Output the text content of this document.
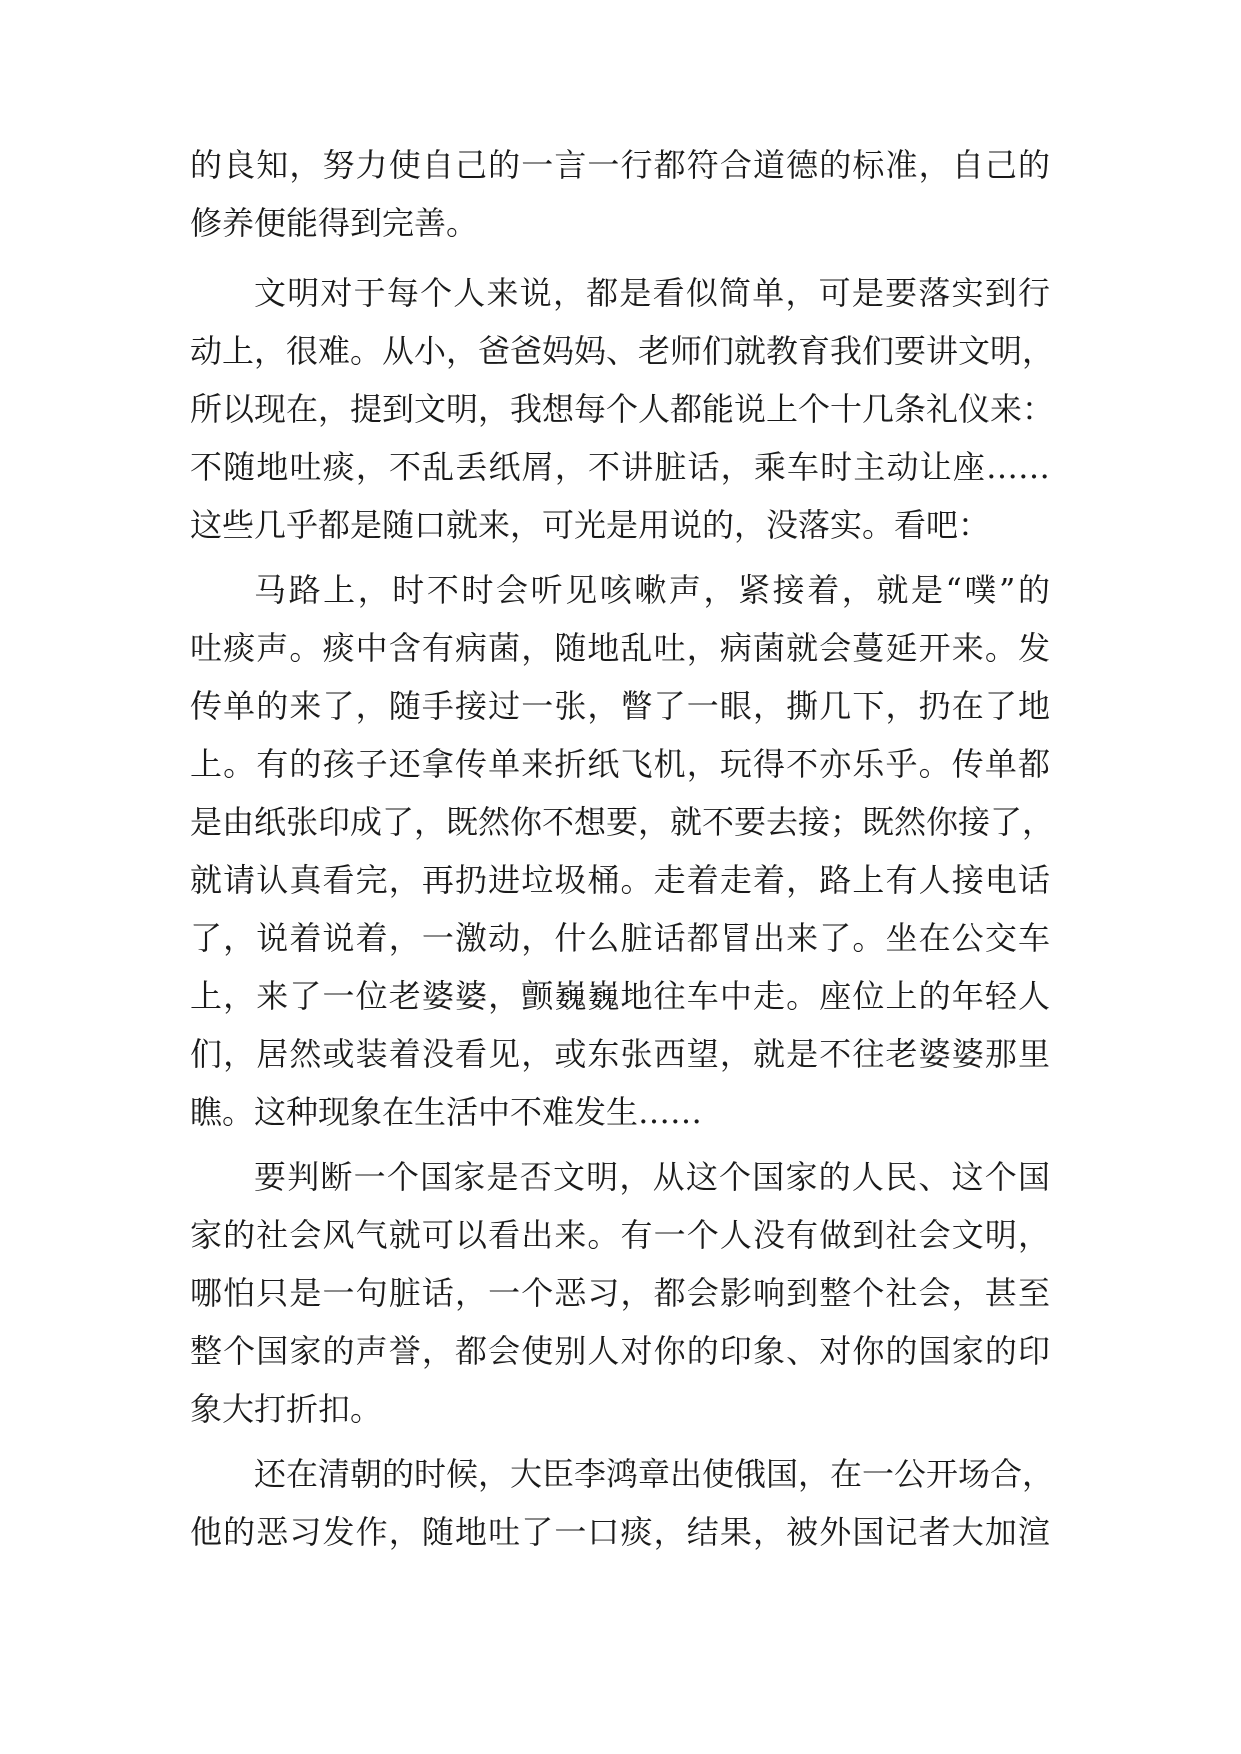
的良知，努力使自己的一言一行都符合道德的标准，自己的
修养便能得到完善。
文明对于每个人来说，都是看似简单，可是要落实到行
动上，很难。从小，爸爸妈妈、老师们就教育我们要讲文明，
所以现在，提到文明，我想每个人都能说上个十几条礼仪来：
不随地吐痰，不乱丢纸屑，不讲脏话，乘车时主动让座……
这些几乎都是随口就来，可光是用说的，没落实。看吧：
马路上，时不时会听见咳嗽声，紧接着，就是“噗”的
吐痰声。痰中含有病菌，随地乱吐，病菌就会蔓延开来。发
传单的来了，随手接过一张，瞥了一眼，撕几下，扔在了地
上。有的孩子还拿传单来折纸飞机，玩得不亦乐乎。传单都
是由纸张印成了，既然你不想要，就不要去接；既然你接了，
就请认真看完，再扔进垃圾桶。走着走着，路上有人接电话
了，说着说着，一激动，什么脏话都冒出来了。坐在公交车
上，来了一位老婆婆，颤巍巍地往车中走。座位上的年轻人
们，居然或装着没看见，或东张西望，就是不往老婆婆那里
瞧。这种现象在生活中不难发生……
要判断一个国家是否文明，从这个国家的人民、这个国
家的社会风气就可以看出来。有一个人没有做到社会文明，
哪怕只是一句脏话，一个恶习，都会影响到整个社会，甚至
整个国家的声誉，都会使别人对你的印象、对你的国家的印
象大打折扣。
还在清朝的时候，大臣李鸿章出使俄国，在一公开场合，
他的恶习发作，随地吐了一口痰，结果，被外国记者大加渲
